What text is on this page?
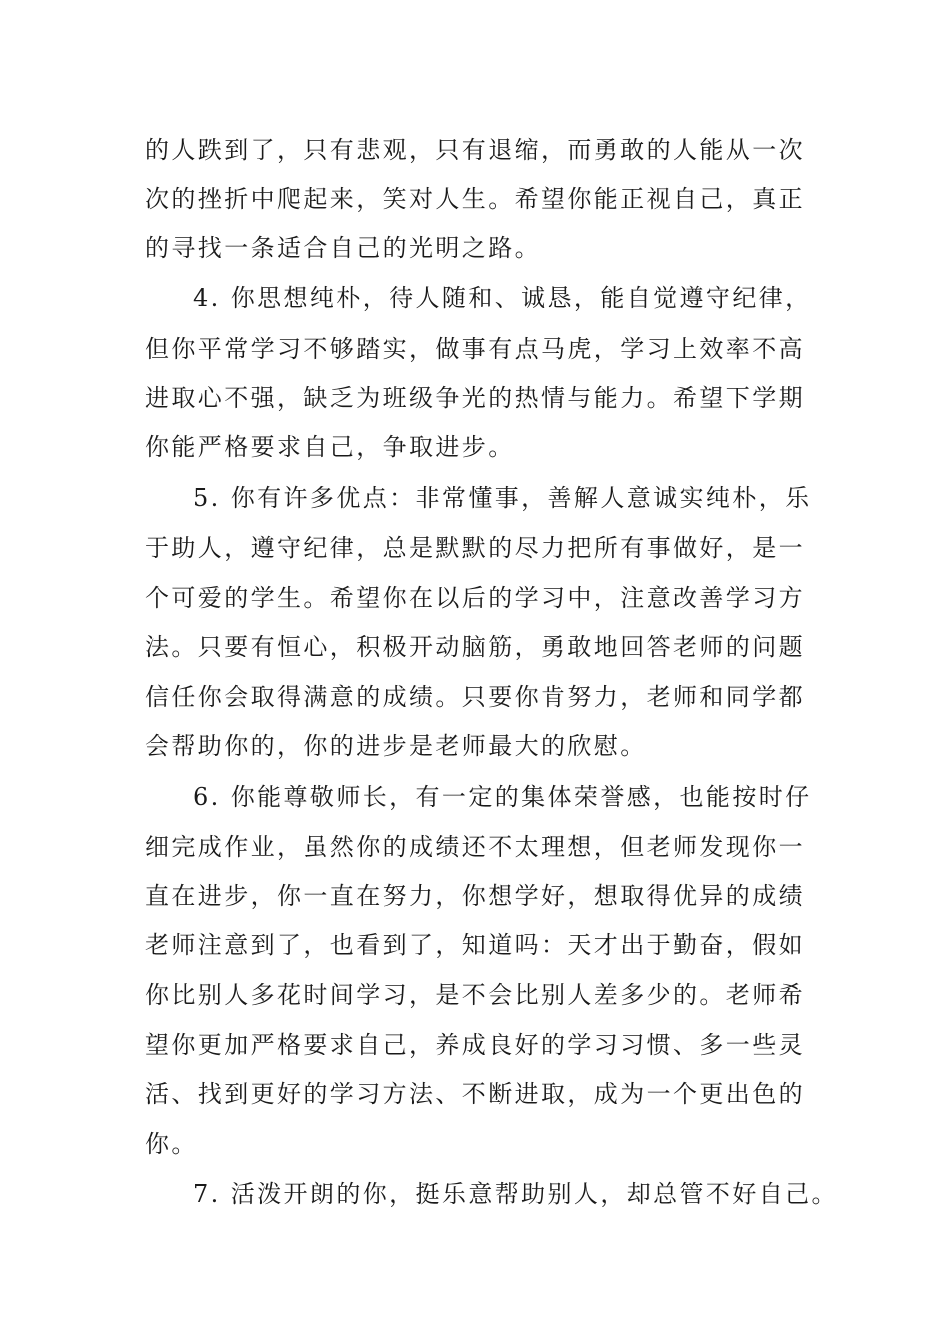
的人跌到了，只有悲观，只有退缩，而勇敢的人能从一次
次的挫折中爬起来，笑对人生。希望你能正视自己，真正
的寻找一条适合自己的光明之路。
4. 你思想纯朴，待人随和、诚恳，能自觉遵守纪律，
但你平常学习不够踏实，做事有点马虎，学习上效率不高
进取心不强，缺乏为班级争光的热情与能力。希望下学期
你能严格要求自己，争取进步。
5. 你有许多优点：非常懂事，善解人意诚实纯朴，乐
于助人，遵守纪律，总是默默的尽力把所有事做好，是一
个可爱的学生。希望你在以后的学习中，注意改善学习方
法。只要有恒心，积极开动脑筋，勇敢地回答老师的问题
信任你会取得满意的成绩。只要你肯努力，老师和同学都
会帮助你的，你的进步是老师最大的欣慰。
6. 你能尊敬师长，有一定的集体荣誉感，也能按时仔
细完成作业，虽然你的成绩还不太理想，但老师发现你一
直在进步，你一直在努力，你想学好，想取得优异的成绩
老师注意到了，也看到了，知道吗：天才出于勤奋，假如
你比别人多花时间学习，是不会比别人差多少的。老师希
望你更加严格要求自己，养成良好的学习习惯、多一些灵
活、找到更好的学习方法、不断进取，成为一个更出色的
你。
7. 活泼开朗的你，挺乐意帮助别人，却总管不好自己。
